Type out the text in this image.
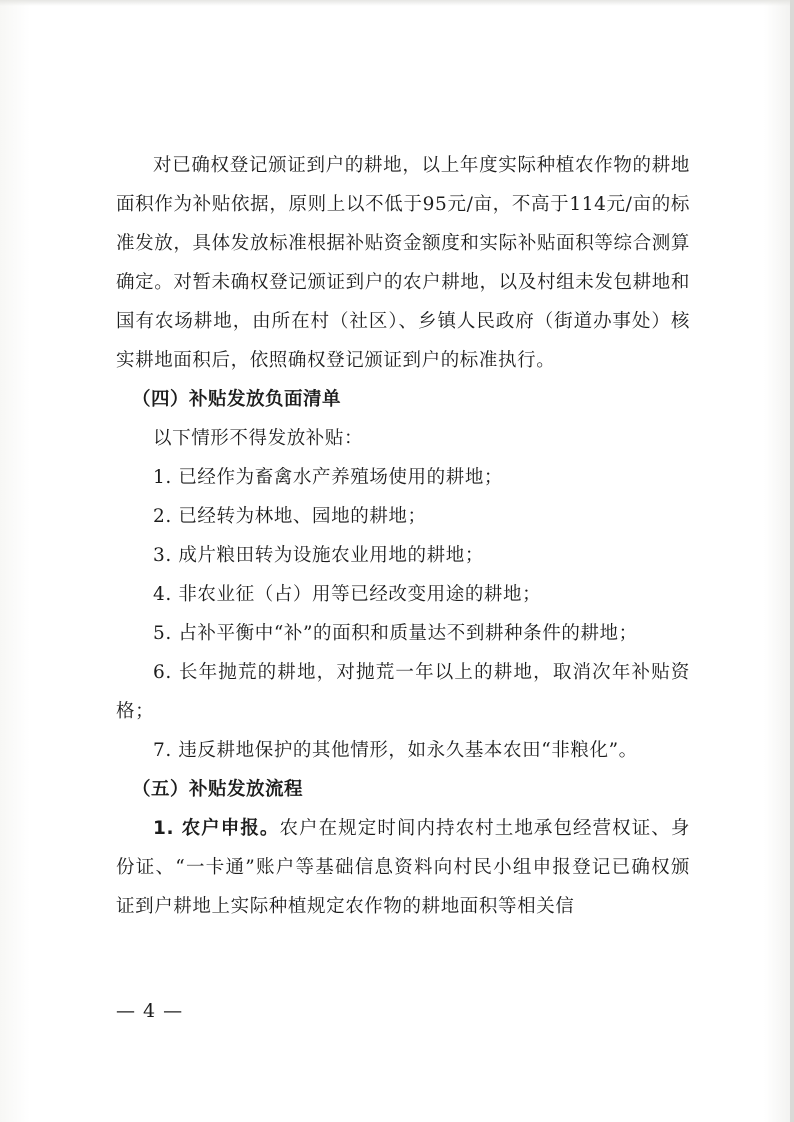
对已确权登记颁证到户的耕地，以上年度实际种植农作物的耕地面积作为补贴依据，原则上以不低于95元/亩，不高于114元/亩的标准发放，具体发放标准根据补贴资金额度和实际补贴面积等综合测算确定。对暂未确权登记颁证到户的农户耕地，以及村组未发包耕地和国有农场耕地，由所在村（社区）、乡镇人民政府（街道办事处）核实耕地面积后，依照确权登记颁证到户的标准执行。

（四）补贴发放负面清单

以下情形不得发放补贴：

1. 已经作为畜禽水产养殖场使用的耕地；

2. 已经转为林地、园地的耕地；

3. 成片粮田转为设施农业用地的耕地；

4. 非农业征（占）用等已经改变用途的耕地；

5. 占补平衡中“补”的面积和质量达不到耕种条件的耕地；

6. 长年抛荒的耕地，对抛荒一年以上的耕地，取消次年补贴资格；

7. 违反耕地保护的其他情形，如永久基本农田“非粮化”。

（五）补贴发放流程

1. 农户申报。农户在规定时间内持农村土地承包经营权证、身份证、“一卡通”账户等基础信息资料向村民小组申报登记已确权颁证到户耕地上实际种植规定农作物的耕地面积等相关信

— 4 —
